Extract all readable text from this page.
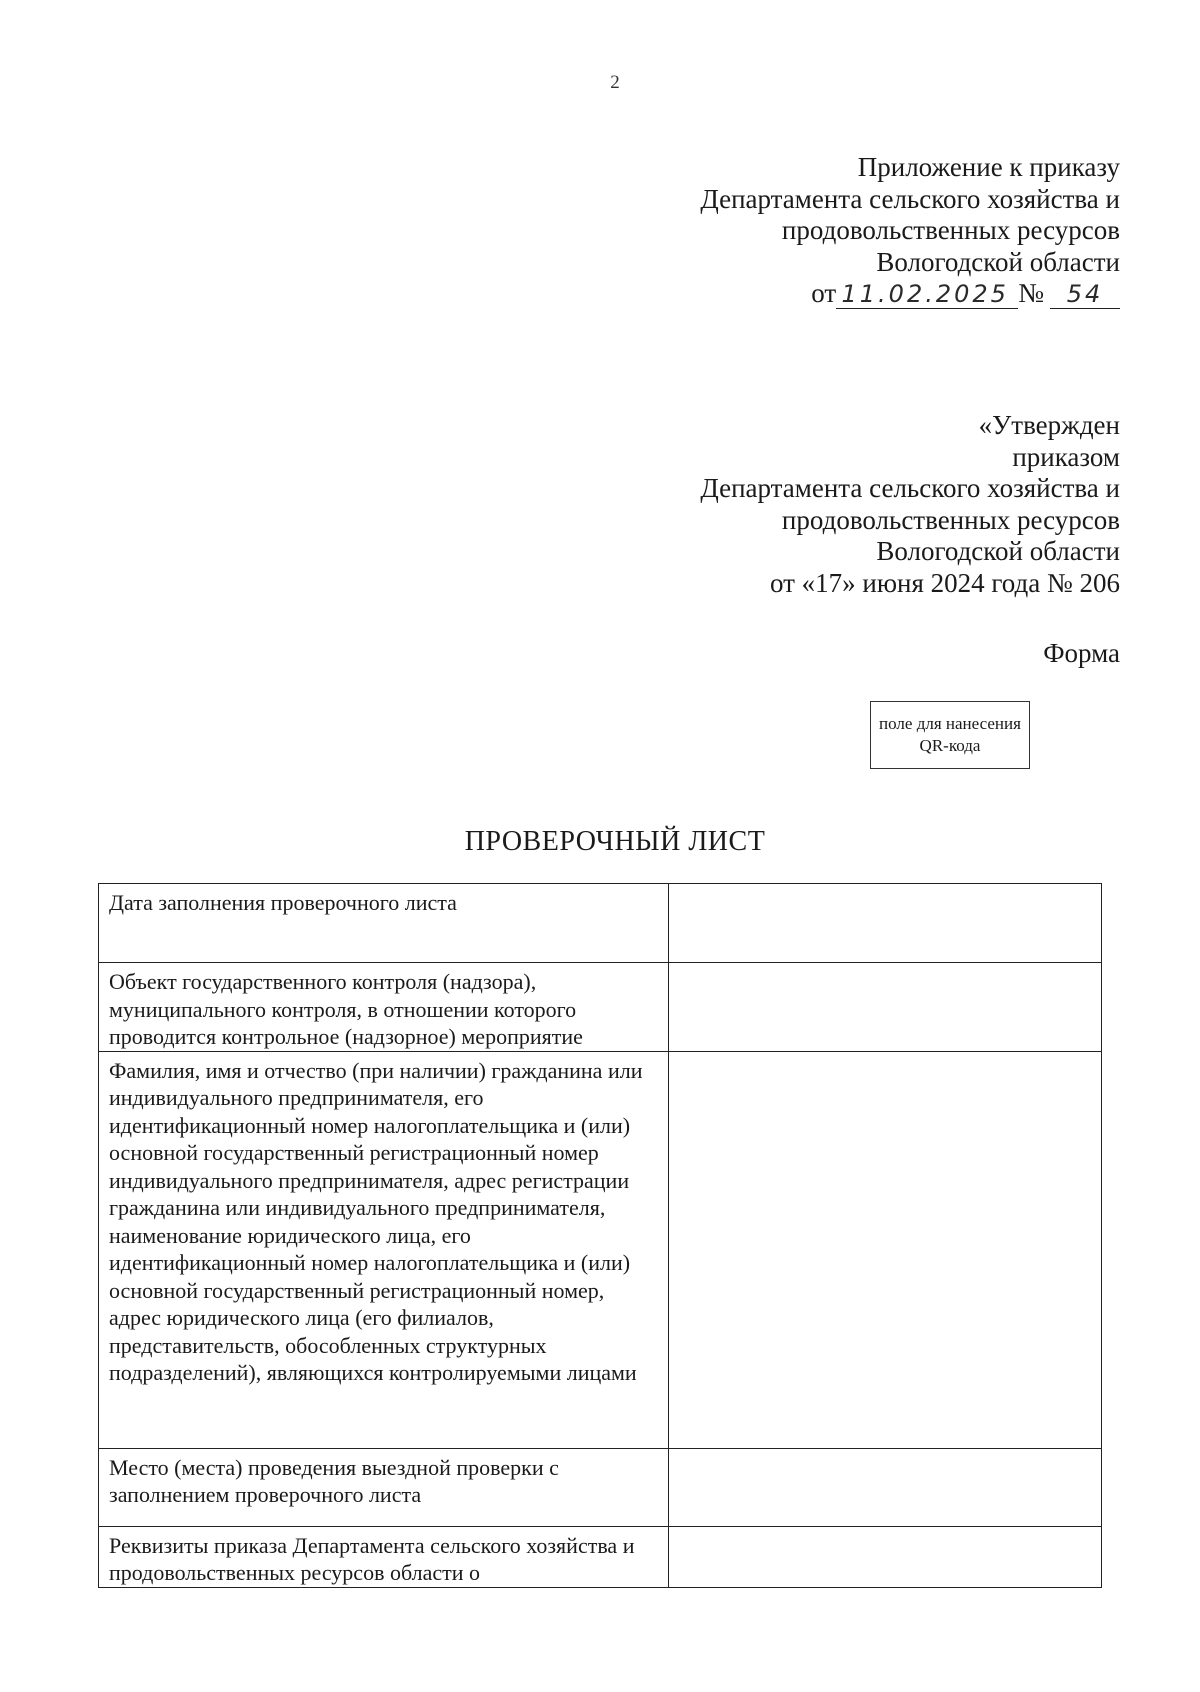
2
Приложение к приказу
Департамента сельского хозяйства и
продовольственных ресурсов
Вологодской области
от 11.02.2025 № 54
«Утвержден
приказом
Департамента сельского хозяйства и
продовольственных ресурсов
Вологодской области
от «17» июня 2024 года № 206
Форма
поле для нанесения QR-кода
ПРОВЕРОЧНЫЙ ЛИСТ
Дата заполнения проверочного листа	

Объект государственного контроля (надзора), муниципального контроля, в отношении которого проводится контрольное (надзорное) мероприятие	

Фамилия, имя и отчество (при наличии) гражданина или индивидуального предпринимателя, его идентификационный номер налогоплательщика и (или) основной государственный регистрационный номер индивидуального предпринимателя, адрес регистрации гражданина или индивидуального предпринимателя, наименование юридического лица, его идентификационный номер налогоплательщика и (или) основной государственный регистрационный номер, адрес юридического лица (его филиалов, представительств, обособленных структурных подразделений), являющихся контролируемыми лицами	

Место (места) проведения выездной проверки с заполнением проверочного листа	

Реквизиты приказа Департамента сельского хозяйства и продовольственных ресурсов области о	
